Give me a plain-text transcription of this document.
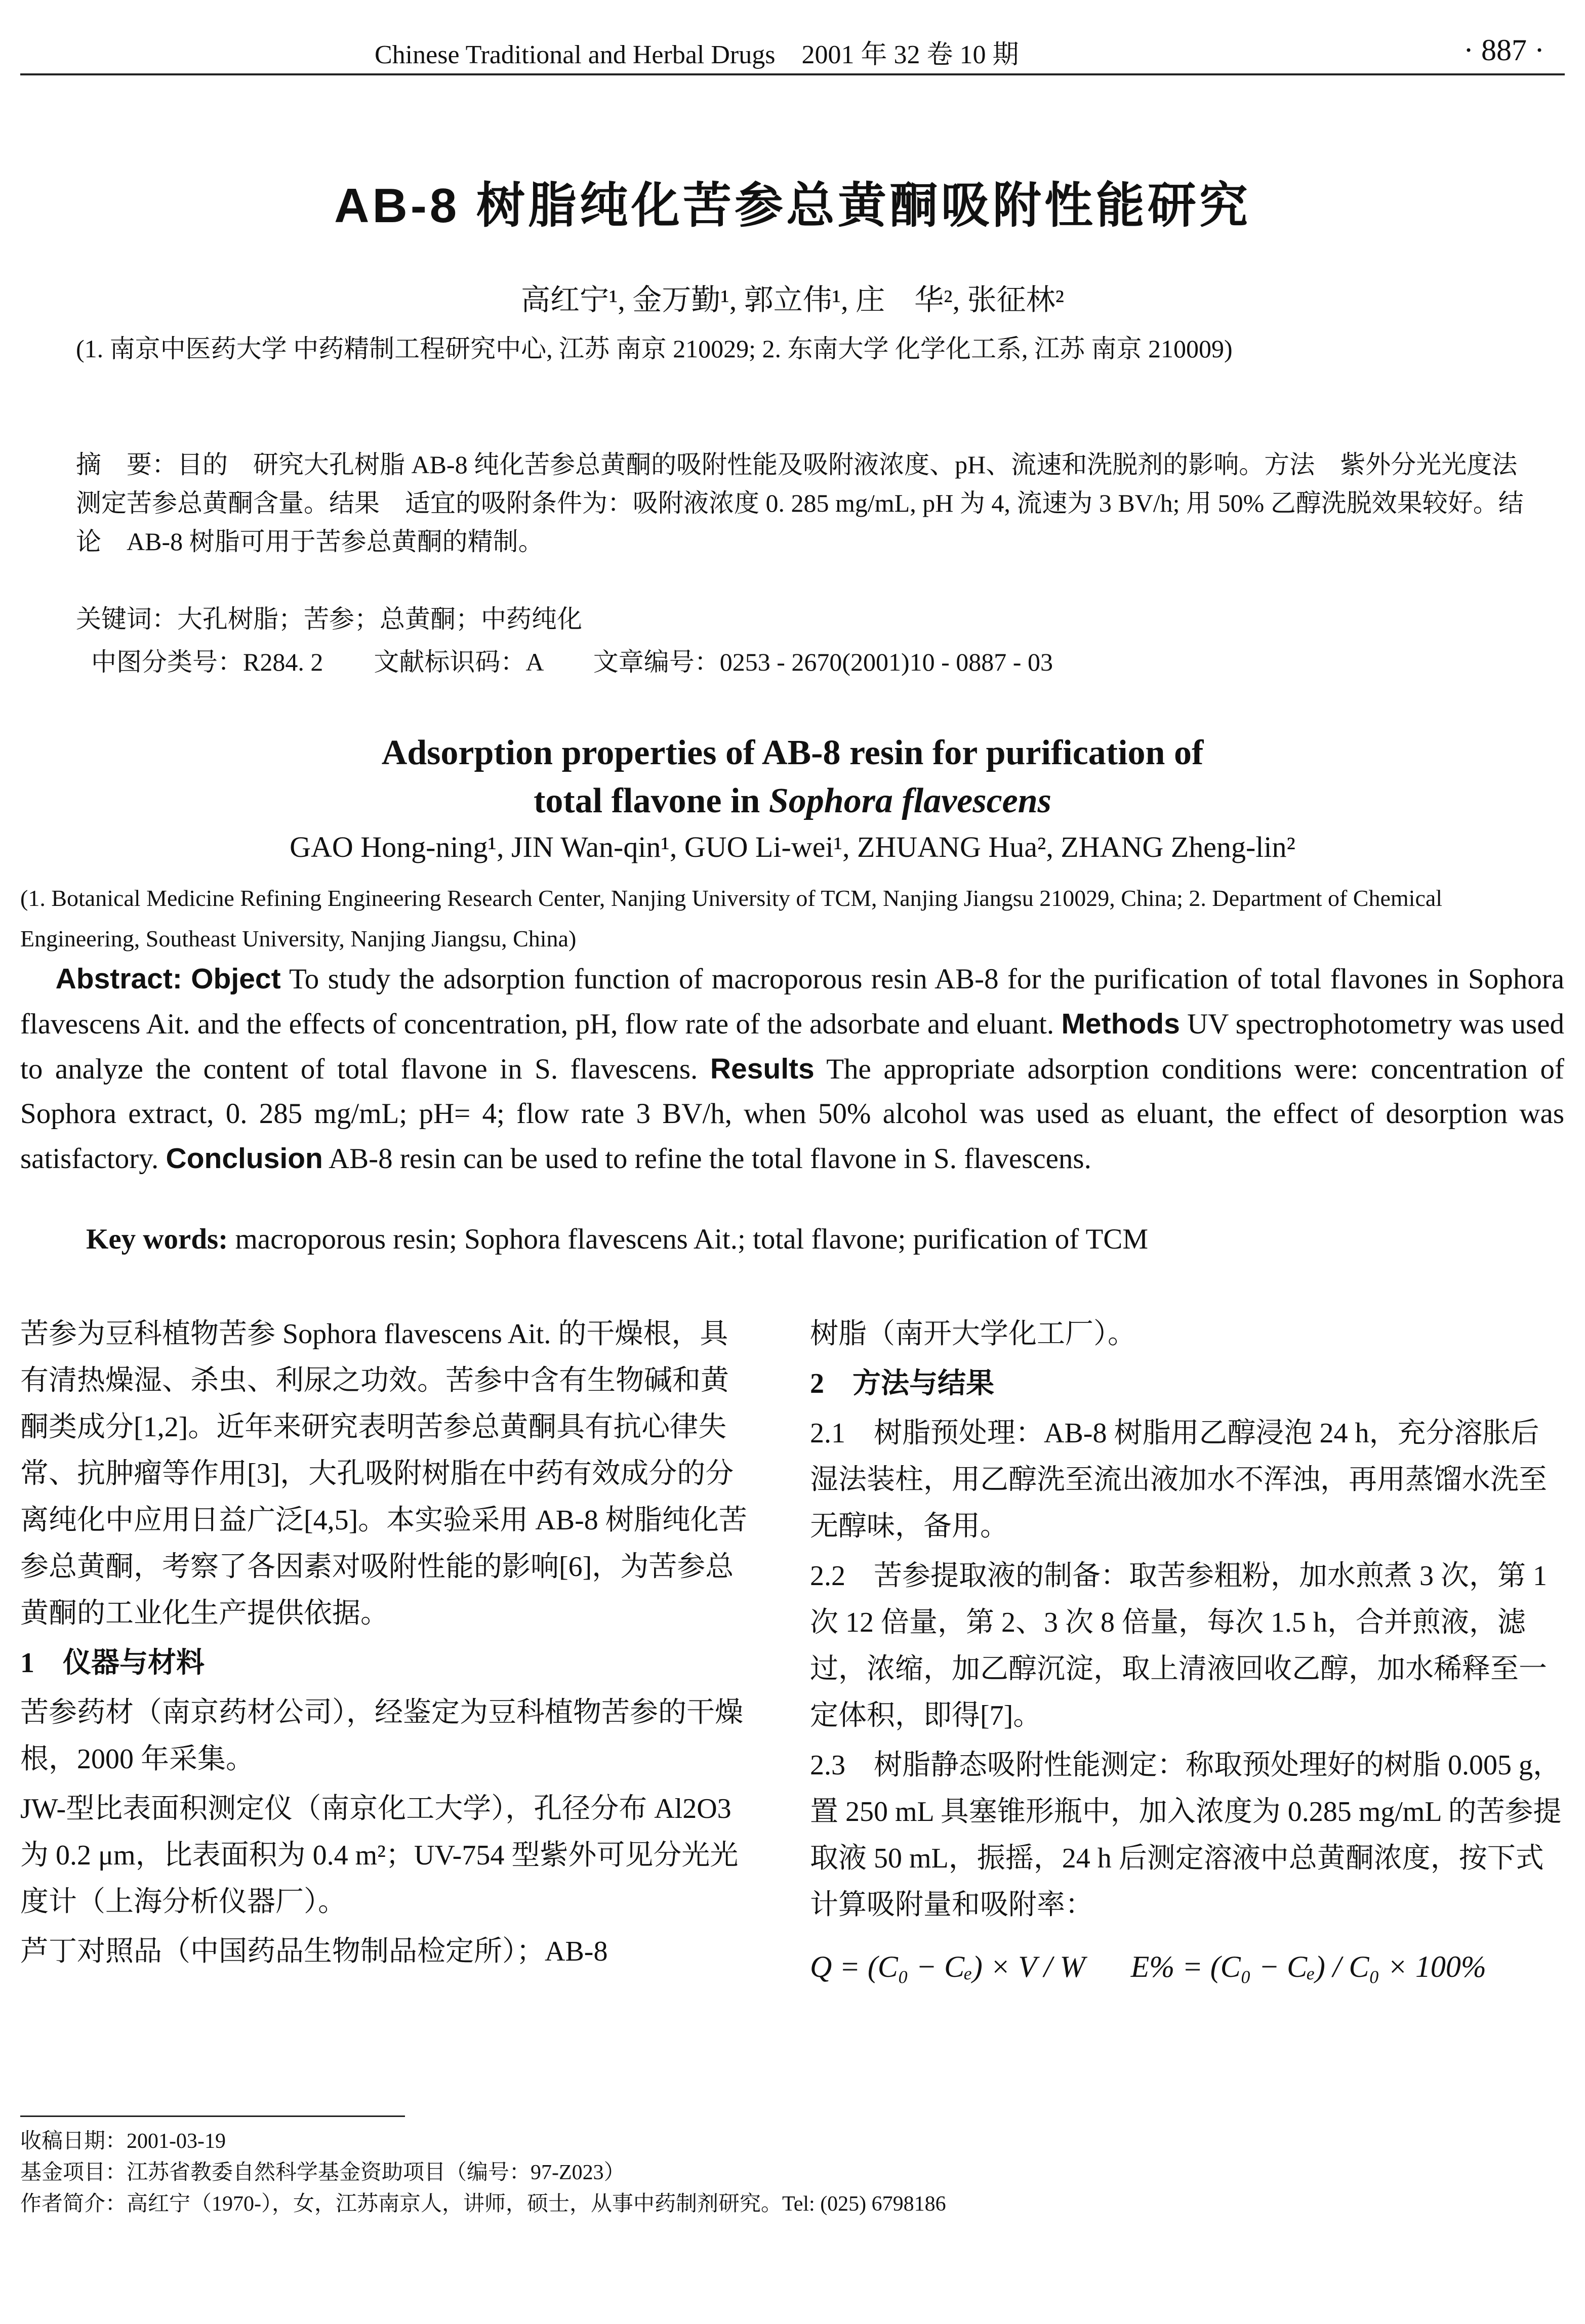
Chinese Traditional and Herbal Drugs 2001 年 32 卷 10 期	· 887 ·
AB-8 树脂纯化苦参总黄酮吸附性能研究
高红宁¹, 金万勤¹, 郭立伟¹, 庄　华², 张征林²
(1. 南京中医药大学 中药精制工程研究中心, 江苏 南京 210029; 2. 东南大学 化学化工系, 江苏 南京 210009)
摘　要：目的　研究大孔树脂 AB-8 纯化苦参总黄酮的吸附性能及吸附液浓度、pH、流速和洗脱剂的影响。方法　紫外分光光度法测定苦参总黄酮含量。结果　适宜的吸附条件为：吸附液浓度 0. 285 mg/mL, pH 为 4, 流速为 3 BV/h; 用 50% 乙醇洗脱效果较好。结论　AB-8 树脂可用于苦参总黄酮的精制。
关键词：大孔树脂；苦参；总黄酮；中药纯化
中图分类号：R284. 2　　文献标识码：A　　文章编号：0253 - 2670(2001)10 - 0887 - 03
Adsorption properties of AB-8 resin for purification of
total flavone in Sophora flavescens
GAO Hong-ning¹, JIN Wan-qin¹, GUO Li-wei¹, ZHUANG Hua², ZHANG Zheng-lin²
(1. Botanical Medicine Refining Engineering Research Center, Nanjing University of TCM, Nanjing Jiangsu 210029, China; 2. Department of Chemical Engineering, Southeast University, Nanjing Jiangsu, China)
Abstract: Object To study the adsorption function of macroporous resin AB-8 for the purification of total flavones in Sophora flavescens Ait. and the effects of concentration, pH, flow rate of the adsorbate and eluant. Methods UV spectrophotometry was used to analyze the content of total flavone in S. flavescens. Results The appropriate adsorption conditions were: concentration of Sophora extract, 0. 285 mg/mL; pH= 4; flow rate 3 BV/h, when 50% alcohol was used as eluant, the effect of desorption was satisfactory. Conclusion AB-8 resin can be used to refine the total flavone in S. flavescens.
Key words: macroporous resin; Sophora flavescens Ait.; total flavone; purification of TCM

苦参为豆科植物苦参 Sophora flavescens Ait. 的干燥根，具有清热燥湿、杀虫、利尿之功效。苦参中含有生物碱和黄酮类成分[1,2]。近年来研究表明苦参总黄酮具有抗心律失常、抗肿瘤等作用[3]，大孔吸附树脂在中药有效成分的分离纯化中应用日益广泛[4,5]。本实验采用 AB-8 树脂纯化苦参总黄酮，考察了各因素对吸附性能的影响[6]，为苦参总黄酮的工业化生产提供依据。

1　仪器与材料

苦参药材（南京药材公司），经鉴定为豆科植物苦参的干燥根，2000 年采集。

JW-型比表面积测定仪（南京化工大学），孔径分布 Al2O3 为 0.2 μm，比表面积为 0.4 m²；UV-754 型紫外可见分光光度计（上海分析仪器厂）。

芦丁对照品（中国药品生物制品检定所）；AB-8

树脂（南开大学化工厂）。

2　方法与结果

2.1　树脂预处理：AB-8 树脂用乙醇浸泡 24 h，充分溶胀后湿法装柱，用乙醇洗至流出液加水不浑浊，再用蒸馏水洗至无醇味，备用。

2.2　苦参提取液的制备：取苦参粗粉，加水煎煮 3 次，第 1 次 12 倍量，第 2、3 次 8 倍量，每次 1.5 h，合并煎液，滤过，浓缩，加乙醇沉淀，取上清液回收乙醇，加水稀释至一定体积，即得[7]。

2.3　树脂静态吸附性能测定：称取预处理好的树脂 0.005 g，置 250 mL 具塞锥形瓶中，加入浓度为 0.285 mg/mL 的苦参提取液 50 mL，振摇，24 h 后测定溶液中总黄酮浓度，按下式计算吸附量和吸附率：

Q = (C₀ − Cₑ) × V / W E% = (C₀ − Cₑ) / C₀ × 100%
收稿日期：2001-03-19
基金项目：江苏省教委自然科学基金资助项目（编号：97-Z023）
作者简介：高红宁（1970-），女，江苏南京人，讲师，硕士，从事中药制剂研究。Tel: (025) 6798186
